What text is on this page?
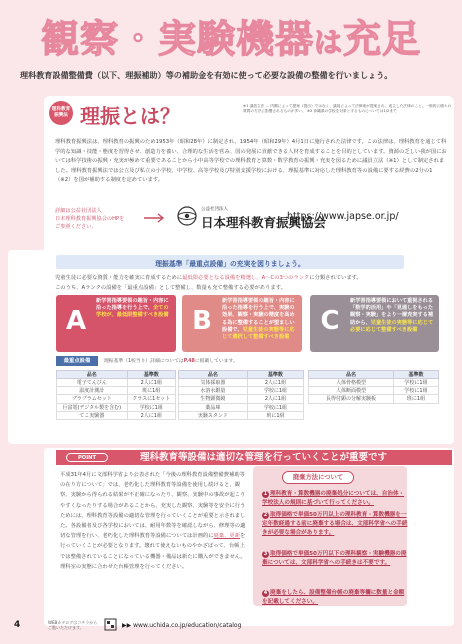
観察・実験機器は充足
理科教育設備整備費（以下、理振補助）等の補助金を有効に使って必要な設備の整備を行いましょう。
理科教育 振興法 理振とは？	※1 議員立法 … 内閣によって提案（提出）ではなく、議員によって法律案が提案され、成立した法律のこと。一般的に個々の質問の方法に影響されるものが多い。 ※2 沖縄県の学校を対象とするものについては1/2まで
理科教育振興法は、理科教育の振興のため1953年（昭和28年）に制定され、1954年（昭和29年）4月1日に施行された法律です。この法律は、理科教育を通じて科学的な知識・技能・態度を習得させ、創造力を養い、合理的な生活を営み、国の発展に貢献できる人材を育成することを目的としています。資源の乏しい我が国においては科学技術の振興・充実が極めて重要であることから小中高等学校での理科教育と算数・数学教育の振興・充実を図るために議員立法（※1）として制定されました。理科教育振興法では公立及び私立の小学校、中学校、高等学校及び特別支援学校における、理振基準に対応した理科教育等の設備に要する経費の2分の1（※2）を国が補助する制度を定めています。
詳細は公益社団法人
日本理科教育振興協会のHPを
ご参照ください。
公益社団法人
日本理科教育振興協会
https://www.japse.or.jp/
理振基準「最重点設備」の充実を図りましょう。
児童生徒に必要な資質・能力を確実に育成するために最低限必要となる設備を精選し、A〜Cの3つのランクに分類されています。
このうち、Aランクの設備を「最重点設備」として整備し、数量も充て整備する必要があります。
A
新学習指導要領の趣旨・内容に沿った指導を行う上で、全ての学校が、最低限整備すべき設備 B
新学習指導要領の趣旨・内容に沿った指導を行う上で、実験の効果、観察・実験の精度を高める為に整備することが望ましい設備で、児童生徒の実態等に応じて選択して整備すべき設備
C
新学習指導要領において重視される「数学的活用」や「見通しをもった観察・実験」をより一層充実する補助から、児童生徒の実態等に応じて必要に応じて整備すべき設備
最重点設備	理振基準（1校当り）詳細についてはP.48に掲載しています。
品名	基準数
電子てんびん	2人に1組
温度計測計	班に1組
ブラブラムセット	クラスに1セット
巨富電(デジタル製を含む)	学校に1組
てこ実験器	2人に1組
品名	基準数
気体採取器	2人に1組
水溶水銀量	学校に1組
生物顕微鏡	2人に1組
薬品庫	学校に1組
実験スタンド	班に1組
品名	基準数
人体骨格模型	学校に1組
人体断面模型	学校に1組
長得付顕の分解実験板	班に1組
POINT	理科教育等設備は適切な管理を行っていくことが重要です
平成31年4月に文部科学省より公表された「今後の理科教育設備整備費補助等の在り方について」では、老朽化した理科教育等設備を使用し続けると、観察、実験から得られる結果が不正確になったり、観察、実験中の事故が起こりやすくなったりする場合があることから、充実した観察、実験等を安全に行うためには、理科教育等設備の適切な管理を行っていくことが重要と示されました。各設備者及び各学校においては、耐用年数等を確認しながら、修理等の適切な管理を行い、老朽化した理科教育等設備については計画的に廃棄、更新を行っていくことが必要となります。壊れて使えないものやかざばって、台帳上では整備されていることになっている機器・備品は新たに購入ができません。理科室の実態に合わせた台帳管理を行ってください。
廃棄方法について
1 理科教育・算数機器の廃棄処分については、自治体・学校法人の規則に基づいて行ってください。
2 取得価格で単価50万円以上の理科教育・算数機器を一定年数経過する前に廃棄する場合は、文部科学省への手続きが必要な場合があります。
3 取得価格で単価50万円以下の理科観察・実験機器の廃棄については、文部科学省への手続きは不要です。
4 廃棄をしたら、設備整備台帳の廃棄等欄に数量と金額を記載してください。
4	WEBカタログはコチラから
ご覧いただけます。	▶▶ www.uchida.co.jp/education/catalog
